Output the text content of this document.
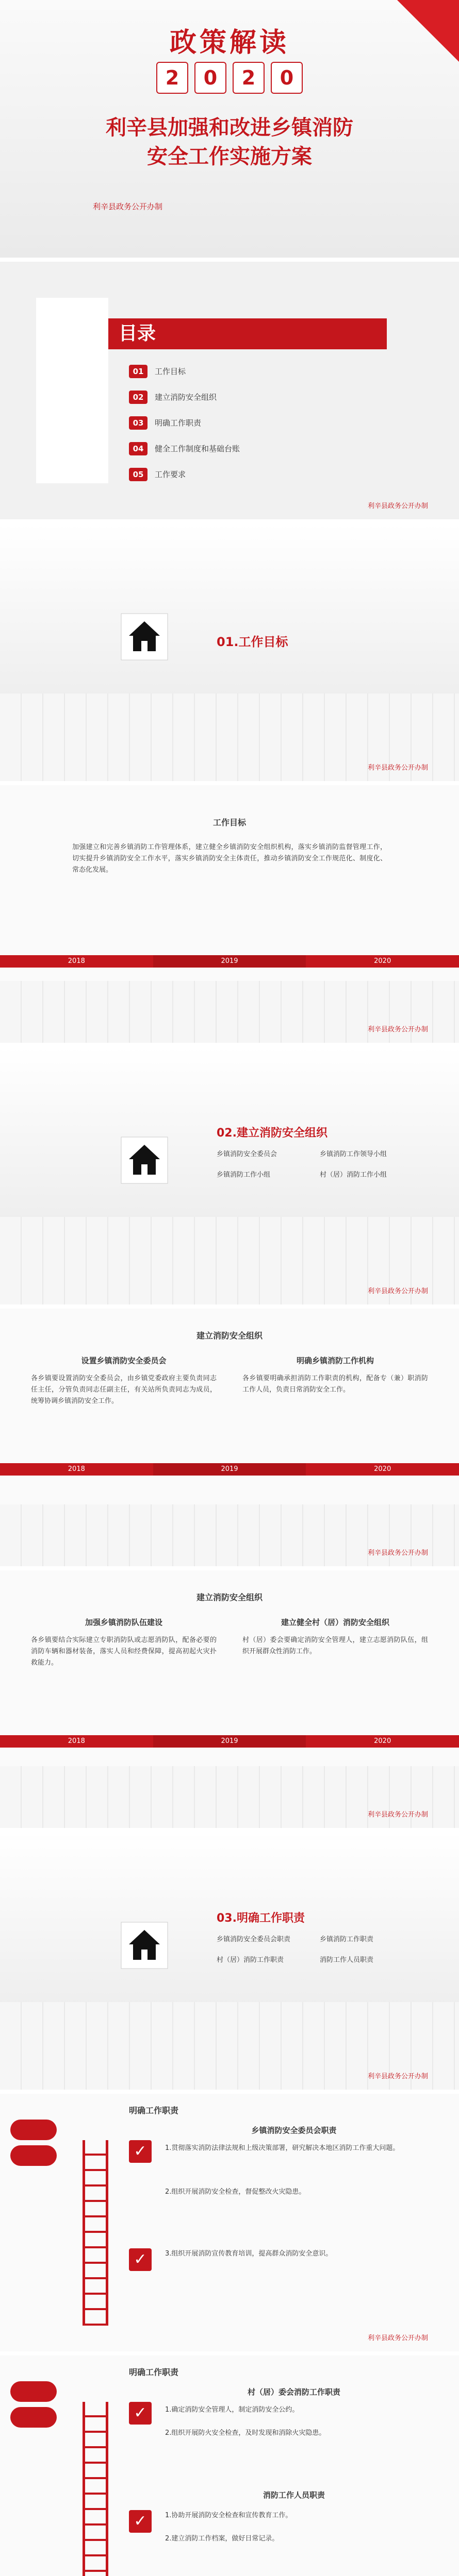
政策解读
2 0 2 0
利辛县加强和改进乡镇消防
安全工作实施方案
利辛县政务公开办制
目录
01 工作目标
02 建立消防安全组织
03 明确工作职责
04 健全工作制度和基础台账
05 工作要求
利辛县政务公开办制
01.工作目标
利辛县政务公开办制
工作目标
加强建立和完善乡镇消防工作管理体系，建立健全乡镇消防安全组织机构，落实乡镇消防监督管理工作，切实提升乡镇消防安全工作水平，落实乡镇消防安全主体责任，推动乡镇消防安全工作规范化、制度化、常态化发展。
2018	2019	2020
利辛县政务公开办制
02.建立消防安全组织
乡镇消防安全委员会	乡镇消防工作领导小组
乡镇消防工作小组	村（居）消防工作小组
利辛县政务公开办制
建立消防安全组织
设置乡镇消防安全委员会	明确乡镇消防工作机构
各乡镇要设置消防安全委员会，由乡镇党委政府主要负责同志任主任，分管负责同志任副主任，有关站所负责同志为成员，统筹协调乡镇消防安全工作。
各乡镇要明确承担消防工作职责的机构，配备专（兼）职消防工作人员，负责日常消防安全工作。
2018	2019	2020
利辛县政务公开办制
建立消防安全组织
加强乡镇消防队伍建设	建立健全村（居）消防安全组织
各乡镇要结合实际建立专职消防队或志愿消防队，配备必要的消防车辆和器材装备，落实人员和经费保障，提高初起火灾扑救能力。
村（居）委会要确定消防安全管理人，建立志愿消防队伍，组织开展群众性消防工作。
2018	2019	2020
利辛县政务公开办制
03.明确工作职责
乡镇消防安全委员会职责	乡镇消防工作职责
村（居）消防工作职责	消防工作人员职责
利辛县政务公开办制
明确工作职责
✓
✓
乡镇消防安全委员会职责
1.贯彻落实消防法律法规和上级决策部署，研究解决本地区消防工作重大问题。
2.组织开展消防安全检查，督促整改火灾隐患。
3.组织开展消防宣传教育培训，提高群众消防安全意识。
利辛县政务公开办制
明确工作职责
✓
✓
村（居）委会消防工作职责
1.确定消防安全管理人，制定消防安全公约。
2.组织开展防火安全检查，及时发现和消除火灾隐患。
消防工作人员职责
1.协助开展消防安全检查和宣传教育工作。
2.建立消防工作档案，做好日常记录。
